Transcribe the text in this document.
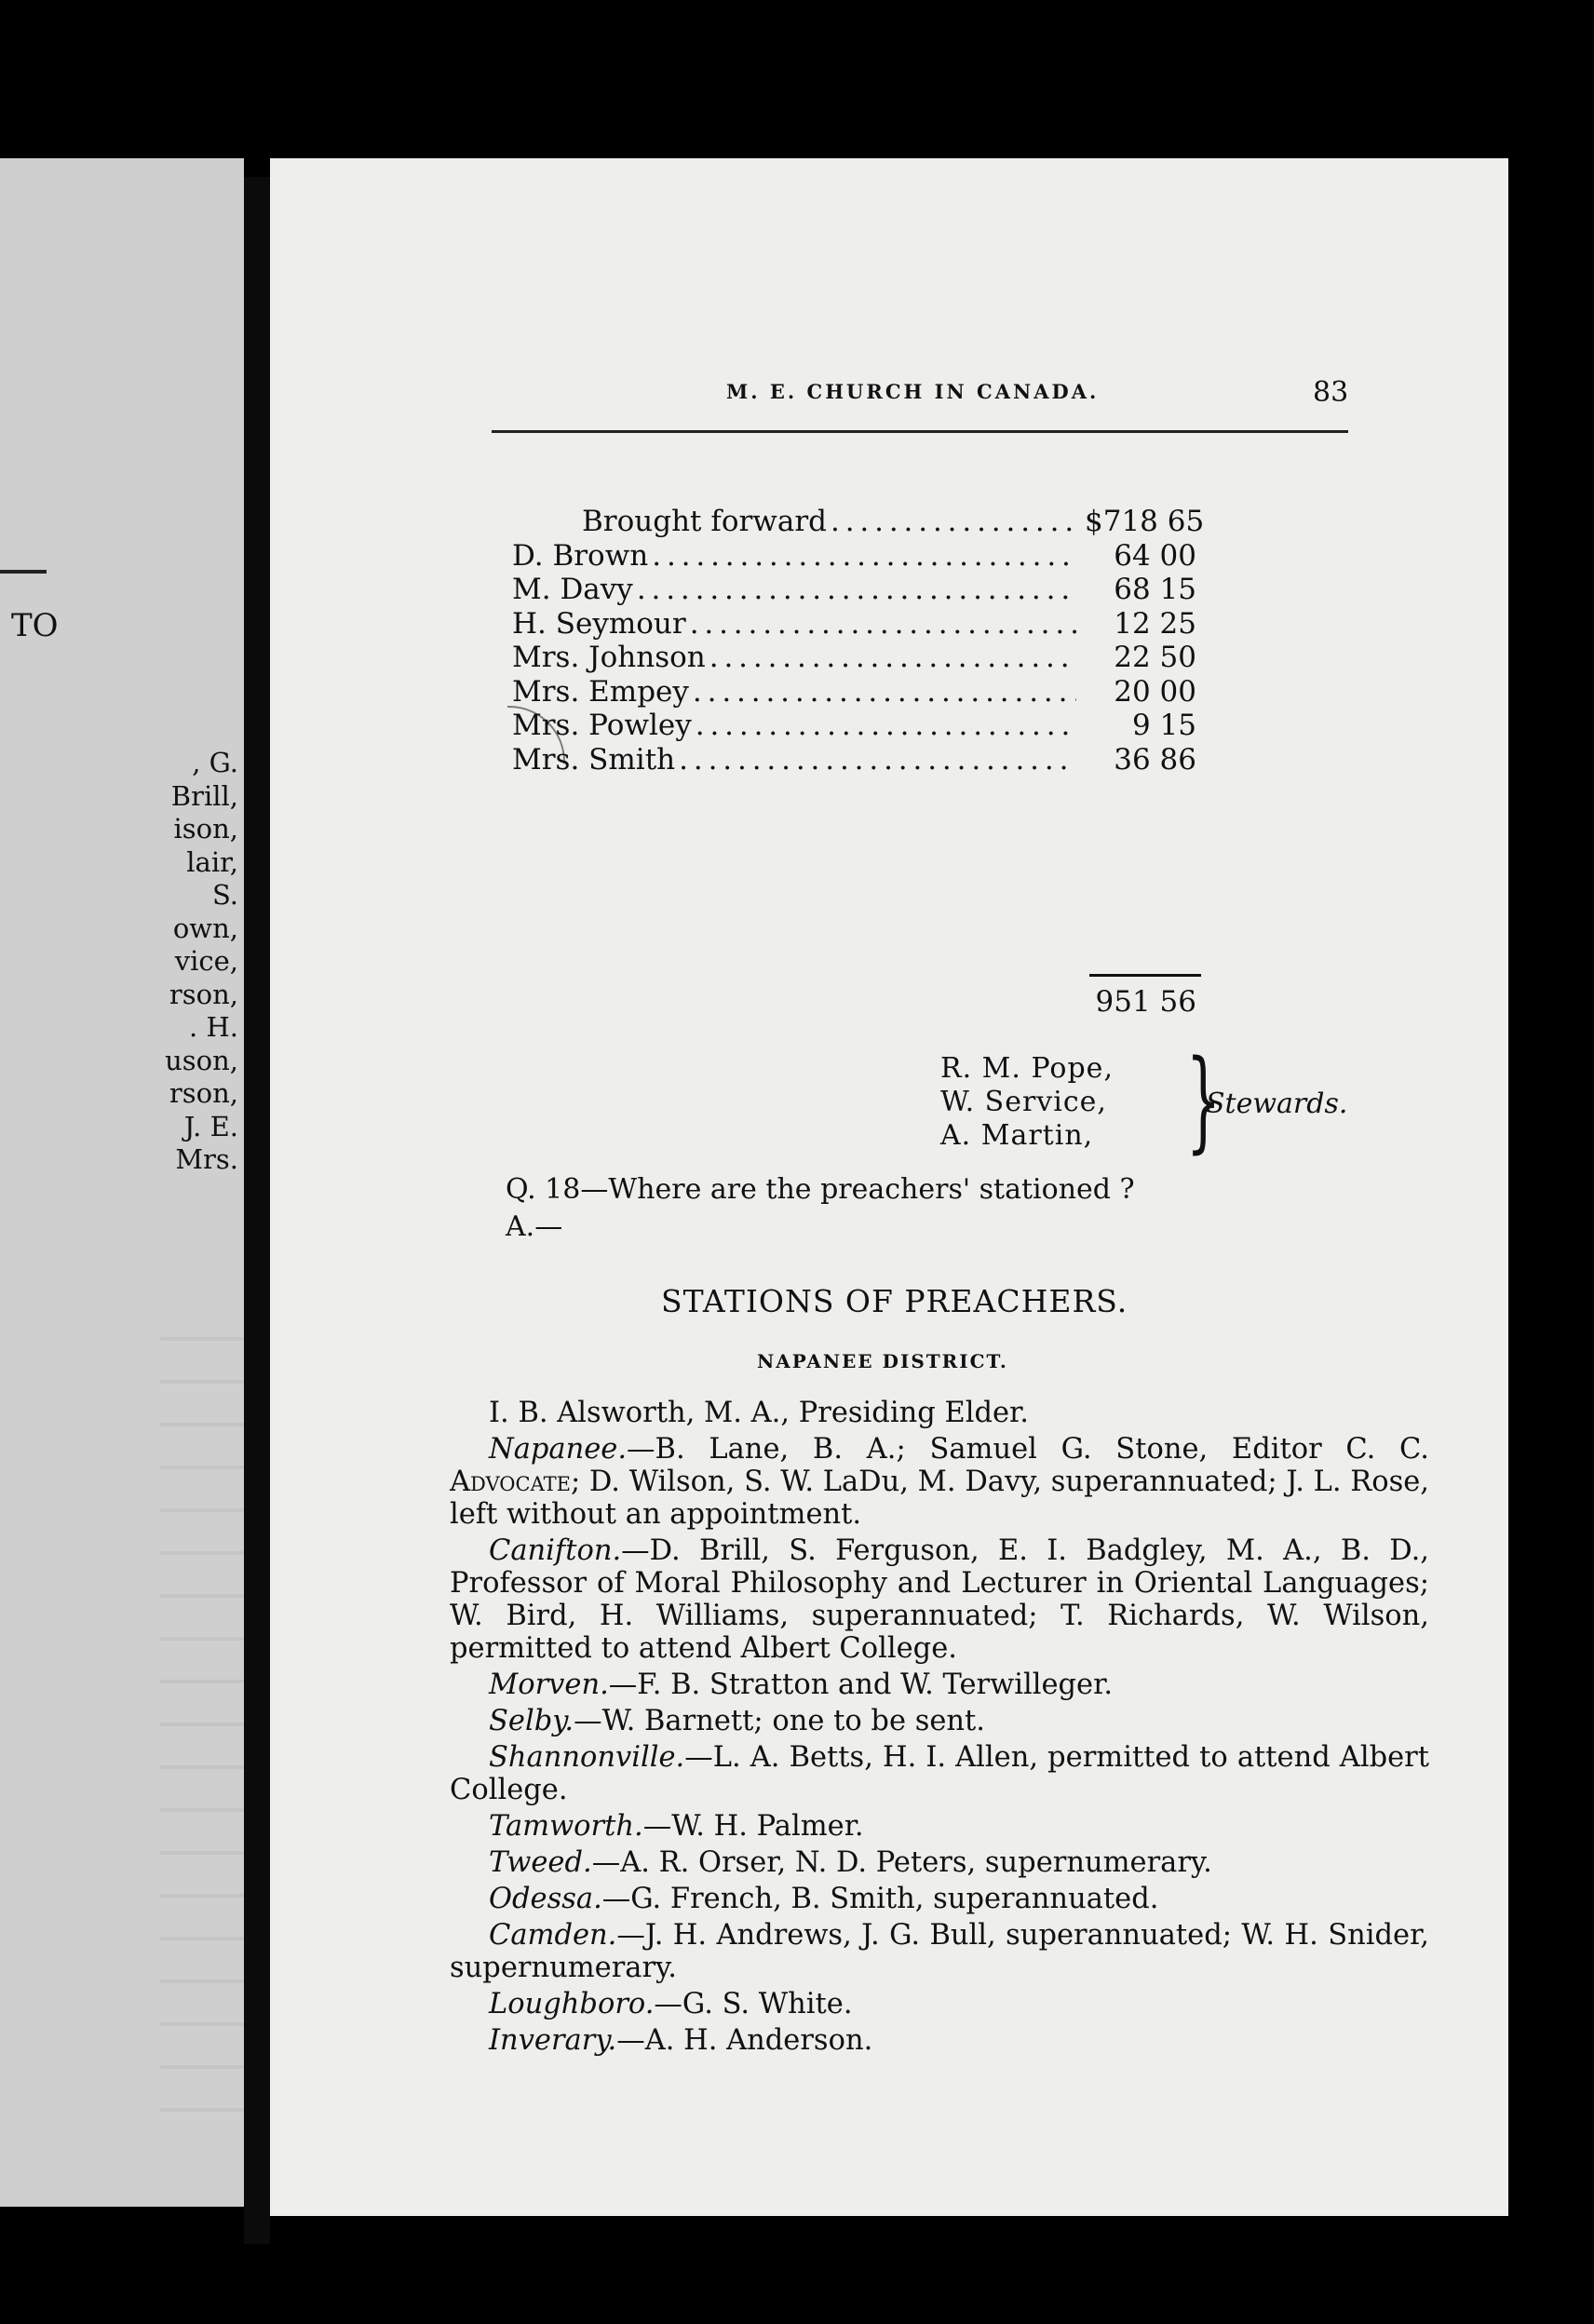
TO
, G.
Brill,
ison,
lair,
S.
own,
vice,
rson,
. H.
uson,
rson,
J. E.
Mrs.
M. E. CHURCH IN CANADA.	83
Brought forward . . .	$718 65
D. Brown . . .	64 00
M. Davy . . .	68 15
H. Seymour . . .	12 25
Mrs. Johnson . . .	22 50
Mrs. Empey . . .	20 00
Mrs. Powley . . .	9 15
Mrs. Smith . . .	36 86
951 56
R. M. Pope,
W. Service,
A. Martin, }
Stewards.
Q. 18—Where are the preachers' stationed ?
A.—
STATIONS OF PREACHERS.
NAPANEE DISTRICT.
I. B. Alsworth, M. A., Presiding Elder.
Napanee.—B. Lane, B. A.; Samuel G. Stone, Editor C. C. Advocate; D. Wilson, S. W. LaDu, M. Davy, superannuated; J. L. Rose, left without an appointment.
Canifton.—D. Brill, S. Ferguson, E. I. Badgley, M. A., B. D., Professor of Moral Philosophy and Lecturer in Oriental Languages; W. Bird, H. Williams, superannuated; T. Richards, W. Wilson, permitted to attend Albert College.
Morven.—F. B. Stratton and W. Terwilleger.
Selby.—W. Barnett; one to be sent.
Shannonville.—L. A. Betts, H. I. Allen, permitted to attend Albert College.
Tamworth.—W. H. Palmer.
Tweed.—A. R. Orser, N. D. Peters, supernumerary.
Odessa.—G. French, B. Smith, superannuated.
Camden.—J. H. Andrews, J. G. Bull, superannuated; W. H. Snider, supernumerary.
Loughboro.—G. S. White.
Inverary.—A. H. Anderson.
